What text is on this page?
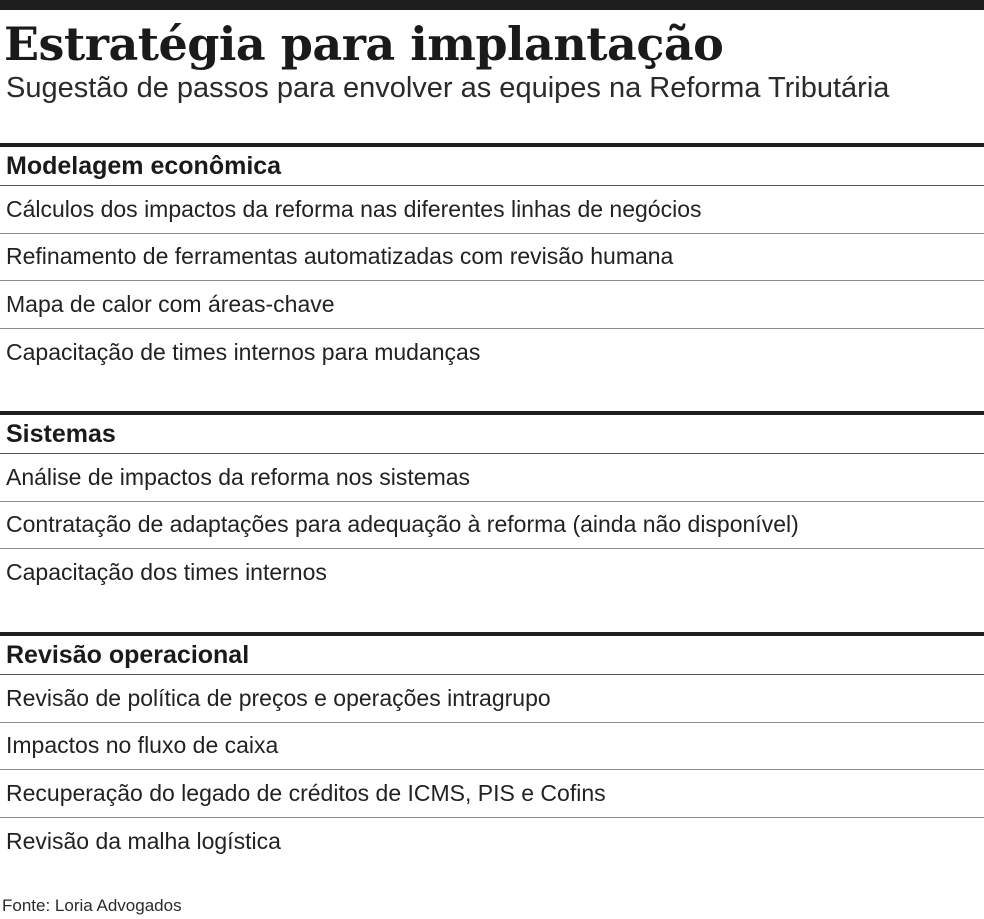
Estratégia para implantação

Sugestão de passos para envolver as equipes na Reforma Tributária

Modelagem econômica
Cálculos dos impactos da reforma nas diferentes linhas de negócios
Refinamento de ferramentas automatizadas com revisão humana
Mapa de calor com áreas-chave
Capacitação de times internos para mudanças
Sistemas
Análise de impactos da reforma nos sistemas
Contratação de adaptações para adequação à reforma (ainda não disponível)
Capacitação dos times internos
Revisão operacional
Revisão de política de preços e operações intragrupo
Impactos no fluxo de caixa
Recuperação do legado de créditos de ICMS, PIS e Cofins
Revisão da malha logística

Fonte: Loria Advogados
